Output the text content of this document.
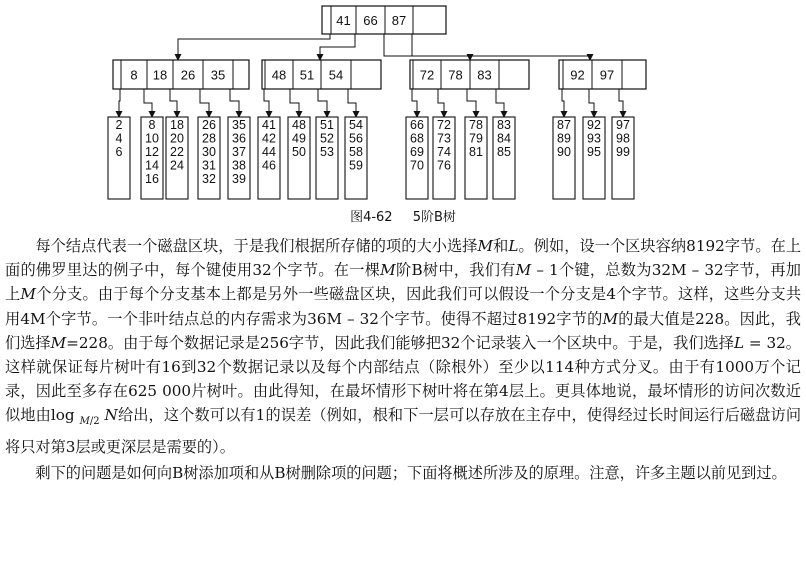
41 66 87
8 18 26 35	48 51 54	72 78 83	92 97
2
4
6
8
10
12
14
16
18
20
22
24
26
28
30
31
32
35
36
37
38
39
41
42
44
46
48
49
50
51
52
53
54
56
58
59
66
68
69
70
72
73
74
76
78
79
81
83
84
85
87
89
90
92
93
95
97
98
99
图4-62 5阶B树

每个结点代表一个磁盘区块，于是我们根据所存储的项的大小选择M和L。例如，设一个区块容纳8192字节。在上面的佛罗里达的例子中，每个键使用32个字节。在一棵M阶B树中，我们有M – 1个键，总数为32M – 32字节，再加上M个分支。由于每个分支基本上都是另外一些磁盘区块，因此我们可以假设一个分支是4个字节。这样，这些分支共用4M个字节。一个非叶结点总的内存需求为36M – 32个字节。使得不超过8192字节的M的最大值是228。因此，我们选择M=228。由于每个数据记录是256字节，因此我们能够把32个记录装入一个区块中。于是，我们选择L = 32。这样就保证每片树叶有16到32个数据记录以及每个内部结点（除根外）至少以114种方式分叉。由于有1000万个记录，因此至多存在625 000片树叶。由此得知，在最坏情形下树叶将在第4层上。更具体地说，最坏情形的访问次数近似地由log $_{M/2}$ N给出，这个数可以有1的误差（例如，根和下一层可以存放在主存中，使得经过长时间运行后磁盘访问将只对第3层或更深层是需要的）。

剩下的问题是如何向B树添加项和从B树删除项的问题；下面将概述所涉及的原理。注意，许多主题以前见到过。
